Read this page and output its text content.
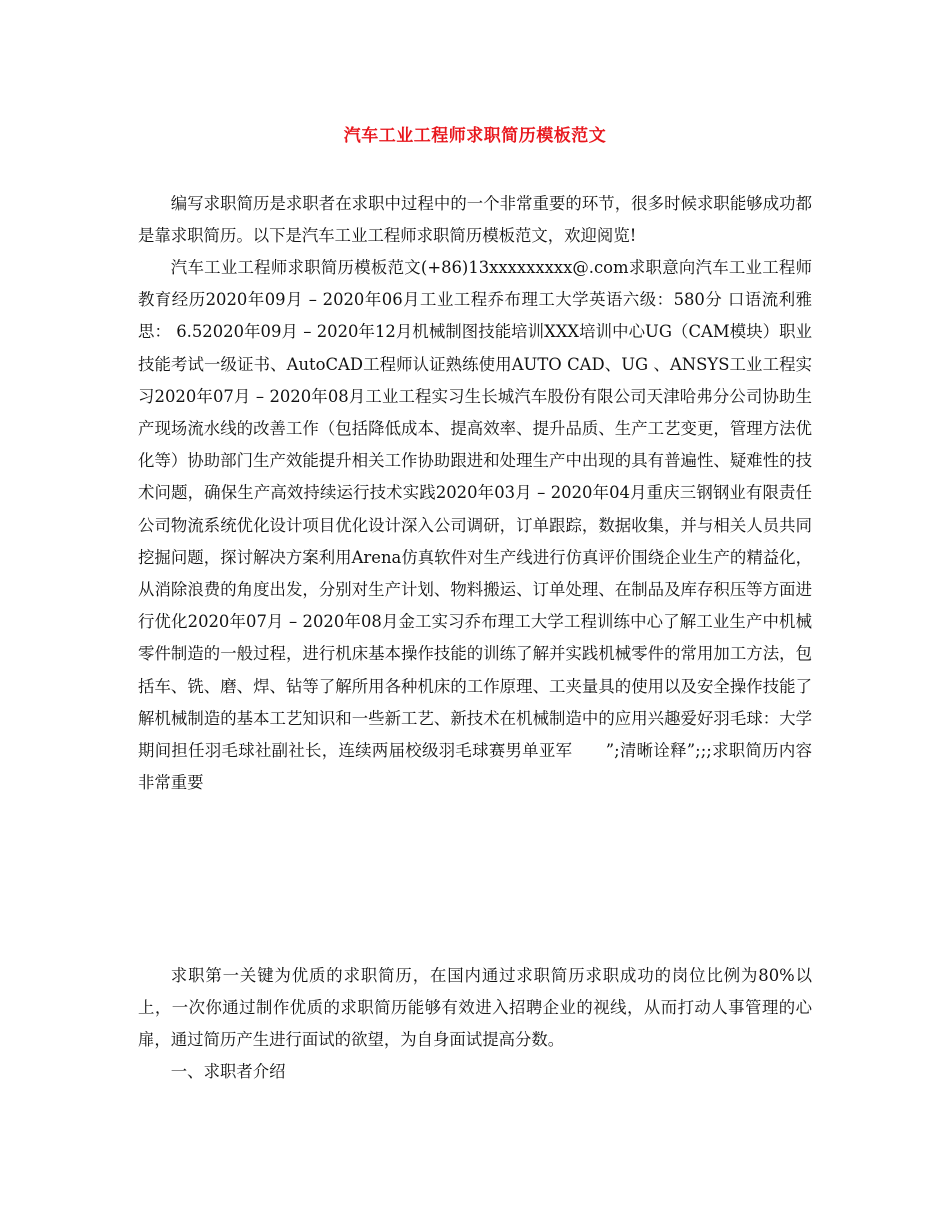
汽车工业工程师求职简历模板范文

编写求职简历是求职者在求职中过程中的一个非常重要的环节，很多时候求职能够成功都是靠求职简历。以下是汽车工业工程师求职简历模板范文，欢迎阅览!

汽车工业工程师求职简历模板范文(+86)13xxxxxxxxx@.com求职意向汽车工业工程师教育经历2020年09月 – 2020年06月工业工程乔布理工大学英语六级：580分 口语流利雅思： 6.52020年09月 – 2020年12月机械制图技能培训XXX培训中心UG（CAM模块）职业技能考试一级证书、AutoCAD工程师认证熟练使用AUTO CAD、UG 、ANSYS工业工程实习2020年07月 – 2020年08月工业工程实习生长城汽车股份有限公司天津哈弗分公司协助生产现场流水线的改善工作（包括降低成本、提高效率、提升品质、生产工艺变更，管理方法优化等）协助部门生产效能提升相关工作协助跟进和处理生产中出现的具有普遍性、疑难性的技术问题，确保生产高效持续运行技术实践2020年03月 – 2020年04月重庆三钢钢业有限责任公司物流系统优化设计项目优化设计深入公司调研，订单跟踪，数据收集，并与相关人员共同挖掘问题，探讨解决方案利用Arena仿真软件对生产线进行仿真评价围绕企业生产的精益化，从消除浪费的角度出发，分别对生产计划、物料搬运、订单处理、在制品及库存积压等方面进行优化2020年07月 – 2020年08月金工实习乔布理工大学工程训练中心了解工业生产中机械零件制造的一般过程，进行机床基本操作技能的训练了解并实践机械零件的常用加工方法，包括车、铣、磨、焊、钻等了解所用各种机床的工作原理、工夹量具的使用以及安全操作技能了解机械制造的基本工艺知识和一些新工艺、新技术在机械制造中的应用兴趣爱好羽毛球：大学期间担任羽毛球社副社长，连续两届校级羽毛球赛男单亚军　　”;清晰诠释”;;;求职简历内容非常重要

求职第一关键为优质的求职简历，在国内通过求职简历求职成功的岗位比例为80%以上，一次你通过制作优质的求职简历能够有效进入招聘企业的视线，从而打动人事管理的心扉，通过简历产生进行面试的欲望，为自身面试提高分数。

一、求职者介绍
